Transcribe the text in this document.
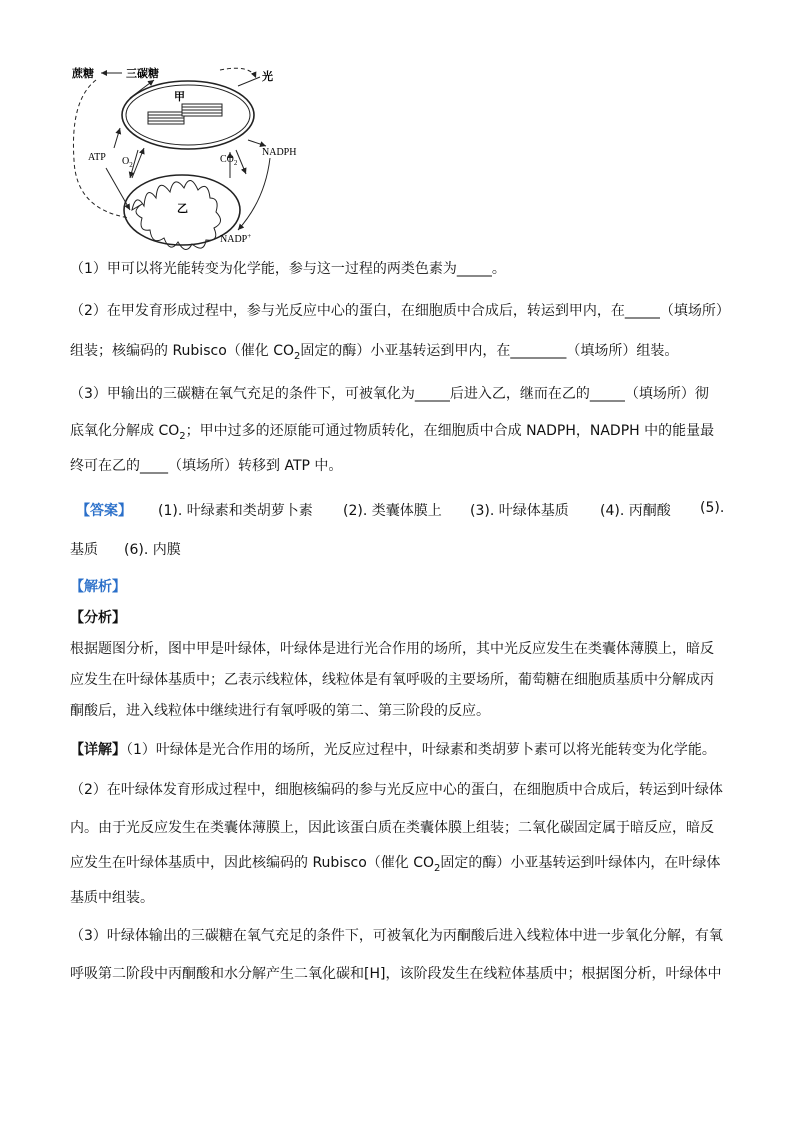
蔗糖	三碳糖	光
甲
ATP $O_2$	$CO_2$
NADPH
乙
NADP+
（1）甲可以将光能转变为化学能，参与这一过程的两类色素为_____。
（2）在甲发育形成过程中，参与光反应中心的蛋白，在细胞质中合成后，转运到甲内，在_____（填场所）
组装；核编码的 Rubisco（催化 $CO_2$固定的酶）小亚基转运到甲内，在________（填场所）组装。
（3）甲输出的三碳糖在氧气充足的条件下，可被氧化为_____后进入乙，继而在乙的_____（填场所）彻
底氧化分解成 $CO_2$；甲中过多的还原能可通过物质转化，在细胞质中合成 NADPH，NADPH 中的能量最
终可在乙的____（填场所）转移到 ATP 中。
【答案】 (1). 叶绿素和类胡萝卜素 (2). 类囊体膜上 (3). 叶绿体基质 (4). 丙酮酸 (5).
基质 (6). 内膜
【解析】
【分析】
根据题图分析，图中甲是叶绿体，叶绿体是进行光合作用的场所，其中光反应发生在类囊体薄膜上，暗反
应发生在叶绿体基质中；乙表示线粒体，线粒体是有氧呼吸的主要场所，葡萄糖在细胞质基质中分解成丙
酮酸后，进入线粒体中继续进行有氧呼吸的第二、第三阶段的反应。
【详解】（1）叶绿体是光合作用的场所，光反应过程中，叶绿素和类胡萝卜素可以将光能转变为化学能。
（2）在叶绿体发育形成过程中，细胞核编码的参与光反应中心的蛋白，在细胞质中合成后，转运到叶绿体
内。由于光反应发生在类囊体薄膜上，因此该蛋白质在类囊体膜上组装；二氧化碳固定属于暗反应，暗反
应发生在叶绿体基质中，因此核编码的 Rubisco（催化 $CO_2$固定的酶）小亚基转运到叶绿体内，在叶绿体
基质中组装。
（3）叶绿体输出的三碳糖在氧气充足的条件下，可被氧化为丙酮酸后进入线粒体中进一步氧化分解，有氧
呼吸第二阶段中丙酮酸和水分解产生二氧化碳和[H]，该阶段发生在线粒体基质中；根据图分析，叶绿体中
